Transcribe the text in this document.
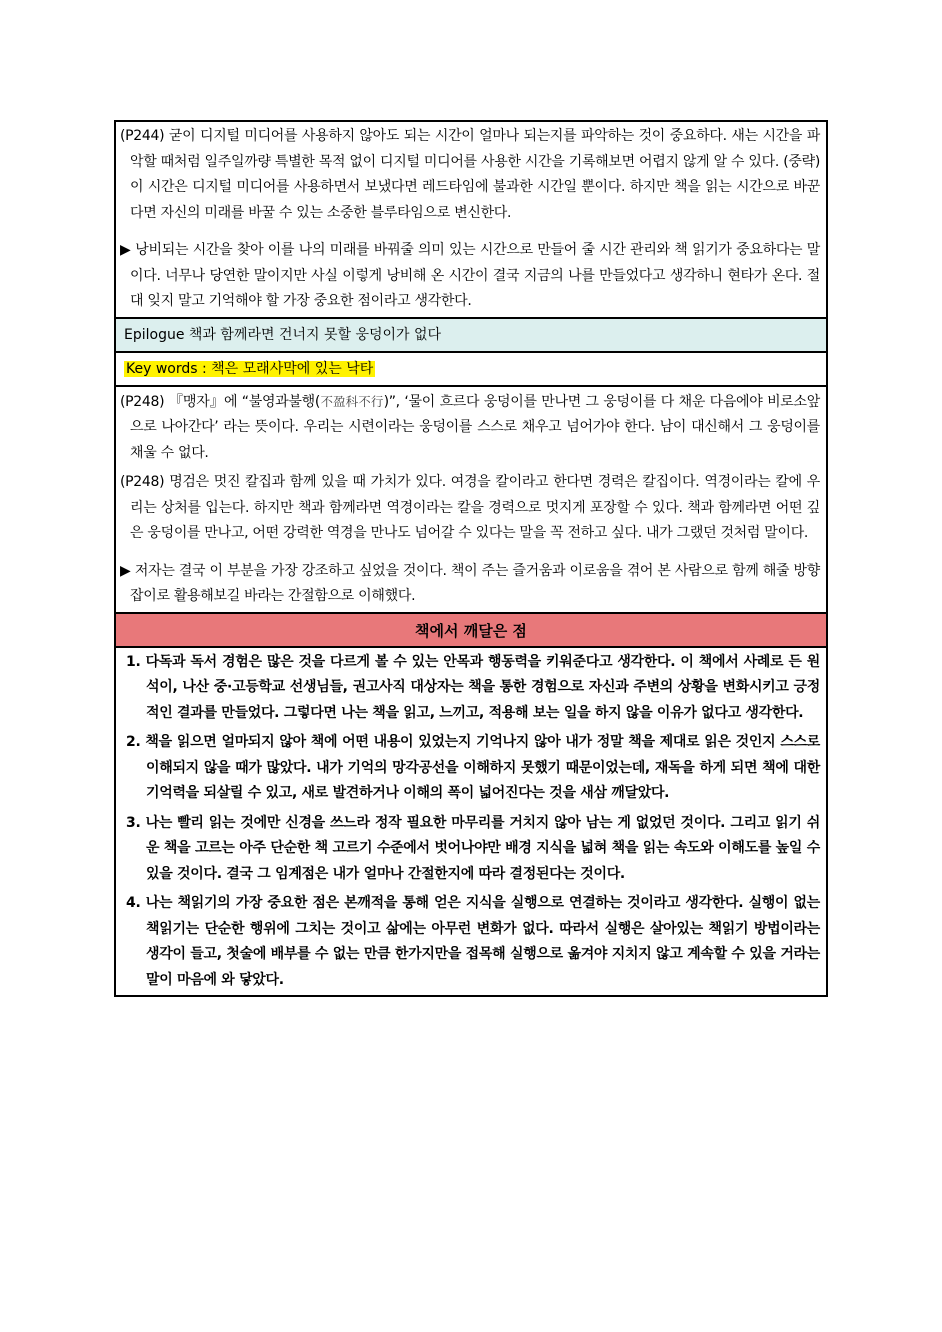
(P244) 굳이 디지털 미디어를 사용하지 않아도 되는 시간이 얼마나 되는지를 파악하는 것이 중요하다. 새는 시간을 파악할 때처럼 일주일까량 특별한 목적 없이 디지털 미디어를 사용한 시간을 기록해보면 어렵지 않게 알 수 있다. (중략) 이 시간은 디지털 미디어를 사용하면서 보냈다면 레드타임에 불과한 시간일 뿐이다. 하지만 책을 읽는 시간으로 바꾼다면 자신의 미래를 바꿀 수 있는 소중한 블루타임으로 변신한다.
▶ 낭비되는 시간을 찾아 이를 나의 미래를 바꿔줄 의미 있는 시간으로 만들어 줄 시간 관리와 책 읽기가 중요하다는 말이다. 너무나 당연한 말이지만 사실 이렇게 낭비해 온 시간이 결국 지금의 나를 만들었다고 생각하니 현타가 온다. 절대 잊지 말고 기억해야 할 가장 중요한 점이라고 생각한다.
Epilogue 책과 함께라면 건너지 못할 웅덩이가 없다
Key words : 책은 모래사막에 있는 낙타
(P248) 『맹자』에 “불영과불행(不盈科不行)”, ‘물이 흐르다 웅덩이를 만나면 그 웅덩이를 다 채운 다음에야 비로소앞으로 나아간다’ 라는 뜻이다. 우리는 시련이라는 웅덩이를 스스로 채우고 넘어가야 한다. 남이 대신해서 그 웅덩이를 채울 수 없다.
(P248) 명검은 멋진 칼집과 함께 있을 때 가치가 있다. 여경을 칼이라고 한다면 경력은 칼집이다. 역경이라는 칼에 우리는 상처를 입는다. 하지만 책과 함께라면 역경이라는 칼을 경력으로 멋지게 포장할 수 있다. 책과 함께라면 어떤 깊은 웅덩이를 만나고, 어떤 강력한 역경을 만나도 넘어갈 수 있다는 말을 꼭 전하고 싶다. 내가 그랬던 것처럼 말이다.
▶ 저자는 결국 이 부분을 가장 강조하고 싶었을 것이다. 책이 주는 즐거움과 이로움을 겪어 본 사람으로 함께 해줄 방향잡이로 활용해보길 바라는 간절함으로 이해했다.
책에서 깨달은 점

1. 다독과 독서 경험은 많은 것을 다르게 볼 수 있는 안목과 행동력을 키워준다고 생각한다. 이 책에서 사례로 든 원석이, 나산 중·고등학교 선생님들, 권고사직 대상자는 책을 통한 경험으로 자신과 주변의 상황을 변화시키고 긍정적인 결과를 만들었다. 그렇다면 나는 책을 읽고, 느끼고, 적용해 보는 일을 하지 않을 이유가 없다고 생각한다.

2. 책을 읽으면 얼마되지 않아 책에 어떤 내용이 있었는지 기억나지 않아 내가 정말 책을 제대로 읽은 것인지 스스로 이해되지 않을 때가 많았다. 내가 기억의 망각공선을 이해하지 못했기 때문이었는데, 재독을 하게 되면 책에 대한 기억력을 되살릴 수 있고, 새로 발견하거나 이해의 폭이 넓어진다는 것을 새삼 깨달았다.

3. 나는 빨리 읽는 것에만 신경을 쓰느라 정작 필요한 마무리를 거치지 않아 남는 게 없었던 것이다. 그리고 읽기 쉬운 책을 고르는 아주 단순한 책 고르기 수준에서 벗어나야만 배경 지식을 넓혀 책을 읽는 속도와 이해도를 높일 수 있을 것이다. 결국 그 임계점은 내가 얼마나 간절한지에 따라 결정된다는 것이다.

4. 나는 책읽기의 가장 중요한 점은 본깨적을 통해 얻은 지식을 실행으로 연결하는 것이라고 생각한다. 실행이 없는 책읽기는 단순한 행위에 그치는 것이고 삶에는 아무런 변화가 없다. 따라서 실행은 살아있는 책읽기 방법이라는 생각이 들고, 첫술에 배부를 수 없는 만큼 한가지만을 접목해 실행으로 옮겨야 지치지 않고 계속할 수 있을 거라는 말이 마음에 와 닿았다.
